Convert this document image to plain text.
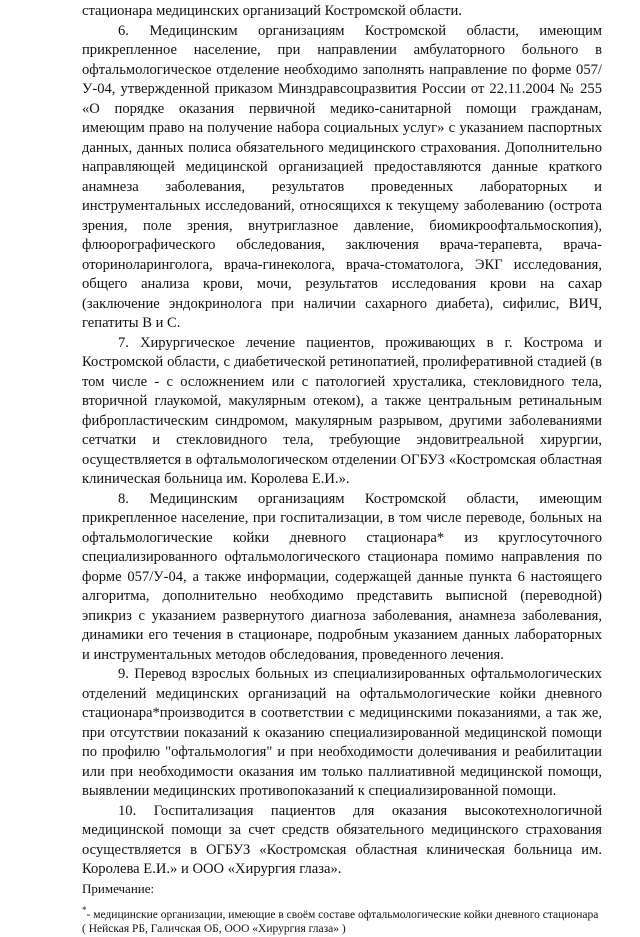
стационара медицинских организаций Костромской области.

6. Медицинским организациям Костромской области, имеющим прикрепленное население, при направлении амбулаторного больного в офтальмологическое отделение необходимо заполнять направление по форме 057/У-04, утвержденной приказом Минздравсоцразвития России от 22.11.2004 № 255 «О порядке оказания первичной медико-санитарной помощи гражданам, имеющим право на получение набора социальных услуг» с указанием паспортных данных, данных полиса обязательного медицинского страхования. Дополнительно направляющей медицинской организацией предоставляются данные краткого анамнеза заболевания, результатов проведенных лабораторных и инструментальных исследований, относящихся к текущему заболеванию (острота зрения, поле зрения, внутриглазное давление, биомикроофтальмоскопия), флюорографического обследования, заключения врача-терапевта, врача-оториноларинголога, врача-гинеколога, врача-стоматолога, ЭКГ исследования, общего анализа крови, мочи, результатов исследования крови на сахар (заключение эндокринолога при наличии сахарного диабета), сифилис, ВИЧ, гепатиты В и С.

7. Хирургическое лечение пациентов, проживающих в г. Кострома и Костромской области, с диабетической ретинопатией, пролиферативной стадией (в том числе - с осложнением или с патологией хрусталика, стекловидного тела, вторичной глаукомой, макулярным отеком), а также центральным ретинальным фибропластическим синдромом, макулярным разрывом, другими заболеваниями сетчатки и стекловидного тела, требующие эндовитреальной хирургии, осуществляется в офтальмологическом отделении ОГБУЗ «Костромская областная клиническая больница им. Королева Е.И.».

8. Медицинским организациям Костромской области, имеющим прикрепленное население, при госпитализации, в том числе переводе, больных на офтальмологические койки дневного стационара* из круглосуточного специализированного офтальмологического стационара помимо направления по форме 057/У-04, а также информации, содержащей данные пункта 6 настоящего алгоритма, дополнительно необходимо представить выписной (переводной) эпикриз с указанием развернутого диагноза заболевания, анамнеза заболевания, динамики его течения в стационаре, подробным указанием данных лабораторных и инструментальных методов обследования, проведенного лечения.

9. Перевод взрослых больных из специализированных офтальмологических отделений медицинских организаций на офтальмологические койки дневного стационара*производится в соответствии с медицинскими показаниями, а так же, при отсутствии показаний к оказанию специализированной медицинской помощи по профилю "офтальмология" и при необходимости долечивания и реабилитации или при необходимости оказания им только паллиативной медицинской помощи, выявлении медицинских противопоказаний к специализированной помощи.

10. Госпитализация пациентов для оказания высокотехнологичной медицинской помощи за счет средств обязательного медицинского страхования осуществляется в ОГБУЗ «Костромская областная клиническая больница им. Королева Е.И.» и ООО «Хирургия глаза».

Примечание:

*- медицинские организации, имеющие в своём составе офтальмологические койки дневного стационара ( Нейская РБ, Галичская ОБ, ООО «Хирургия глаза» )
